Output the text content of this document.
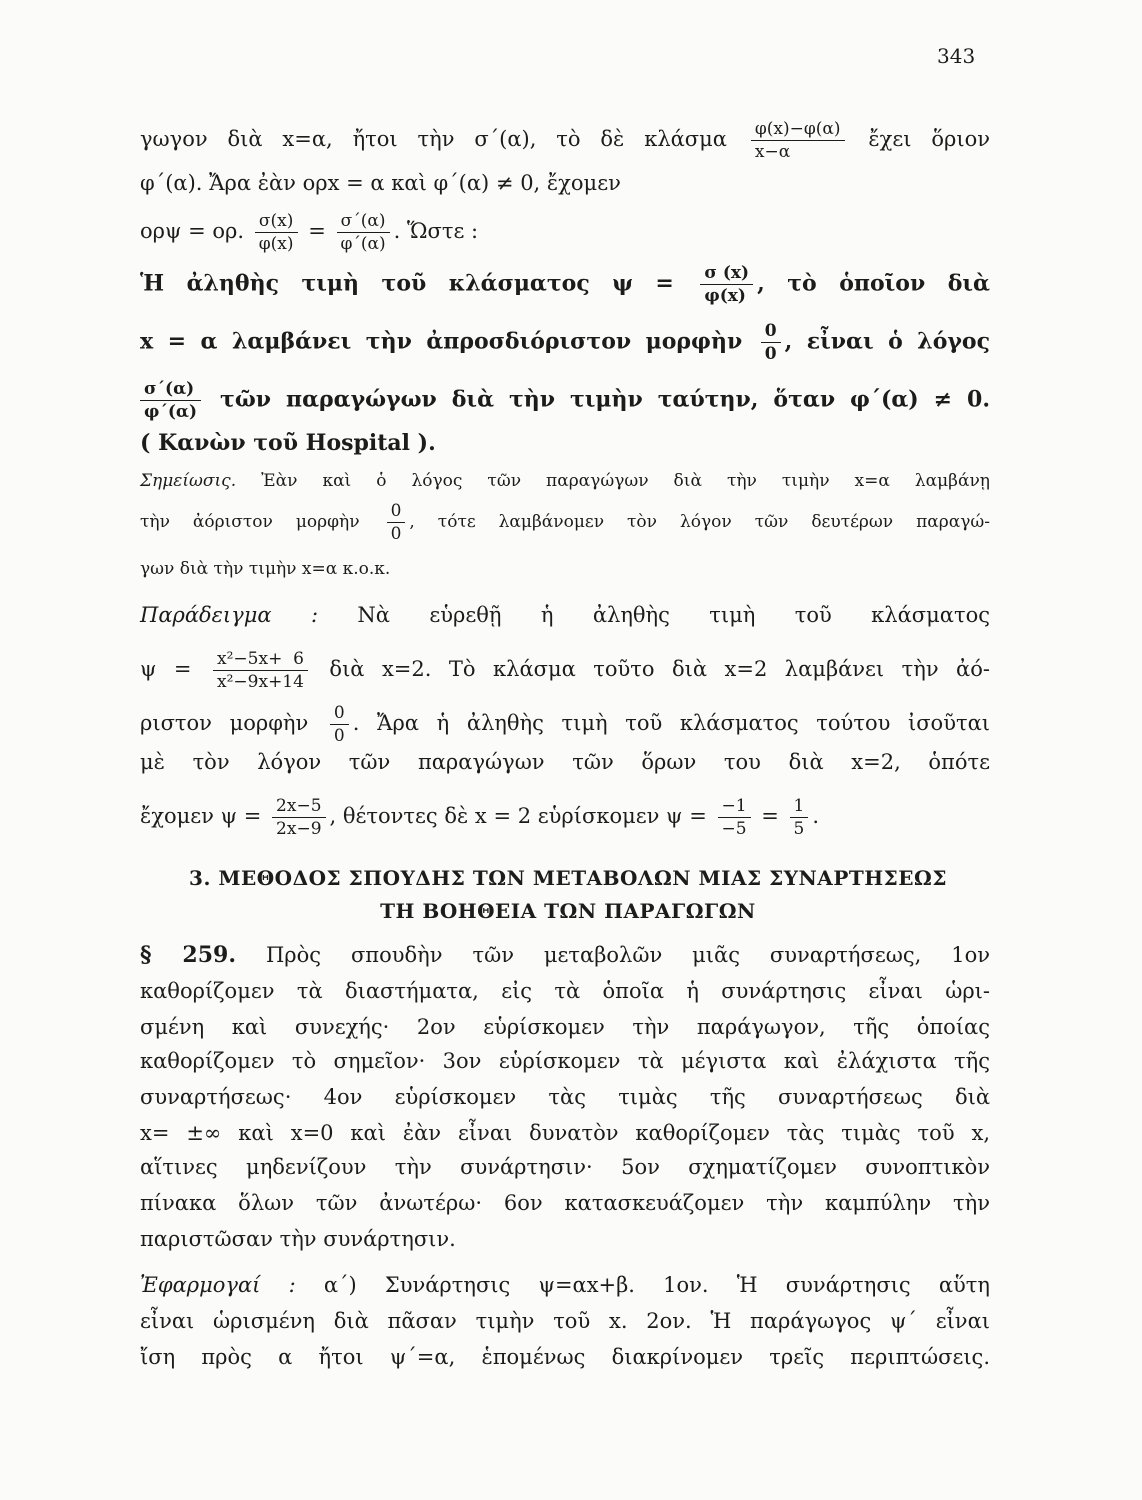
343
γωγον διὰ x=α, ἤτοι τὴν σ΄(α), τὸ δὲ κλάσμα $\frac{\varphi(x)-\varphi(\alpha)}{x-\alpha}$ ἔχει ὅριον
φ΄(α). Ἄρα ἐὰν ορx = α καὶ φ΄(α) ≠ 0, ἔχομεν
ορψ = ορ. $\frac{\sigma(x)}{\varphi(x)} = \frac{\sigma΄(\alpha)}{\varphi΄(\alpha)}$ . Ὥστε :
Ἡ ἀληθὴς τιμὴ τοῦ κλάσματος $\psi = \frac{\sigma (x)}{\varphi(x)}$ , τὸ ὁποῖον διὰ
x = α λαμβάνει τὴν ἀπροσδιόριστον μορφὴν $\frac{0}{0}$ , εἶναι ὁ λόγος
$\frac{\sigma΄(\alpha)}{\varphi΄(\alpha)}$ τῶν παραγώγων διὰ τὴν τιμὴν ταύτην, ὅταν φ΄(α) ≠ 0.
( Κανὼν τοῦ Hospital ).
Σημείωσις. Ἐὰν καὶ ὁ λόγος τῶν παραγώγων διὰ τὴν τιμὴν x=α λαμβάνῃ
τὴν ἀόριστον μορφὴν $\frac{0}{0}$ , τότε λαμβάνομεν τὸν λόγον τῶν δευτέρων παραγώ-
γων διὰ τὴν τιμὴν x=α κ.ο.κ.
Παράδειγμα : Νὰ εὑρεθῇ ἡ ἀληθὴς τιμὴ τοῦ κλάσματος
$\psi = \frac{\text{x²−5x+ 6}}{\text{x²−9x+14}}$ διὰ x=2. Τὸ κλάσμα τοῦτο διὰ x=2 λαμβάνει τὴν ἀό-
ριστον μορφὴν $\frac{0}{0}$ . Ἄρα ἡ ἀληθὴς τιμὴ τοῦ κλάσματος τούτου ἰσοῦται
μὲ τὸν λόγον τῶν παραγώγων τῶν ὅρων του διὰ x=2, ὁπότε
ἔχομεν $\psi = \frac{2x-5}{2x-9}$ , θέτοντες δὲ x = 2 εὑρίσκομεν $\psi = \frac{-1}{-5} = \frac{1}{5}$ .
3. ΜΕΘΟΔΟΣ ΣΠΟΥΔΗΣ ΤΩΝ ΜΕΤΑΒΟΛΩΝ ΜΙΑΣ ΣΥΝΑΡΤΗΣΕΩΣ
ΤΗ ΒΟΗΘΕΙΑ ΤΩΝ ΠΑΡΑΓΩΓΩΝ
§ 259. Πρὸς σπουδὴν τῶν μεταβολῶν μιᾶς συναρτήσεως, 1ον
καθορίζομεν τὰ διαστήματα, εἰς τὰ ὁποῖα ἡ συνάρτησις εἶναι ὡρι-
σμένη καὶ συνεχής· 2ον εὑρίσκομεν τὴν παράγωγον, τῆς ὁποίας
καθορίζομεν τὸ σημεῖον· 3ον εὑρίσκομεν τὰ μέγιστα καὶ ἐλάχιστα τῆς
συναρτήσεως· 4ον εὑρίσκομεν τὰς τιμὰς τῆς συναρτήσεως διὰ
x= ±∞ καὶ x=0 καὶ ἐὰν εἶναι δυνατὸν καθορίζομεν τὰς τιμὰς τοῦ x,
αἵτινες μηδενίζουν τὴν συνάρτησιν· 5ον σχηματίζομεν συνοπτικὸν
πίνακα ὅλων τῶν ἀνωτέρω· 6ον κατασκευάζομεν τὴν καμπύλην τὴν
παριστῶσαν τὴν συνάρτησιν.
Ἐφαρμογαί : α΄) Συνάρτησις ψ=αx+β. 1ον. Ἡ συνάρτησις αὕτη
εἶναι ὡρισμένη διὰ πᾶσαν τιμὴν τοῦ x. 2ον. Ἡ παράγωγος ψ΄ εἶναι
ἴση πρὸς α ἤτοι ψ΄=α, ἑπομένως διακρίνομεν τρεῖς περιπτώσεις.
